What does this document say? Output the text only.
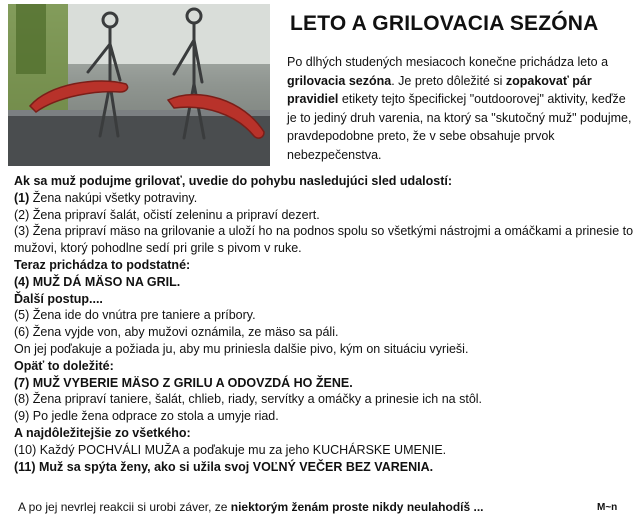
LETO A GRILOVACIA SEZÓNA
Po dlhých studených mesiacoch konečne prichádza leto a grilovacia sezóna. Je preto dôležité si zopakovať pár pravidiel etikety tejto špecifickej "outdoorovej" aktivity, keďže je to jediný druh varenia, na ktorý sa "skutočný muž" podujme, pravdepodobne preto, že v sebe obsahuje prvok nebezpečenstva.
Ak sa muž podujme grilovať, uvedie do pohybu nasledujúci sled udalostí:
(1) Žena nakúpi všetky potraviny.
(2) Žena pripraví šalát, očistí zeleninu a pripraví dezert.
(3) Žena pripraví mäso na grilovanie a uloží ho na podnos spolu so všetkými nástrojmi a omáčkami a prinesie to mužovi, ktorý pohodlne sedí pri grile s pivom v ruke.
Teraz prichádza to podstatné:
(4) MUŽ DÁ MÄSO NA GRIL.
Ďalší postup....
(5) Žena ide do vnútra pre taniere a príbory.
(6) Žena vyjde von, aby mužovi oznámila, ze mäso sa páli.
On jej poďakuje a požiada ju, aby mu priniesla dalšie pivo, kým on situáciu vyrieši.
Opäť to doležité:
(7) MUŽ VYBERIE MÄSO Z GRILU A ODOVZDÁ HO ŽENE.
(8) Žena pripraví taniere, šalát, chlieb, riady, servítky a omáčky a prinesie ich na stôl.
(9) Po jedle žena odprace zo stola a umyje riad.
A najdôležitejšie zo všetkého:
(10) Každý POCHVÁLI MUŽA a poďakuje mu za jeho KUCHÁRSKE UMENIE.
(11) Muž sa spýta ženy, ako si užila svoj VOĽNÝ VEČER BEZ VARENIA.
A po jej nevrlej reakcii si urobi záver, ze niektorým ženám proste nikdy neulahodíš ...	M~n
